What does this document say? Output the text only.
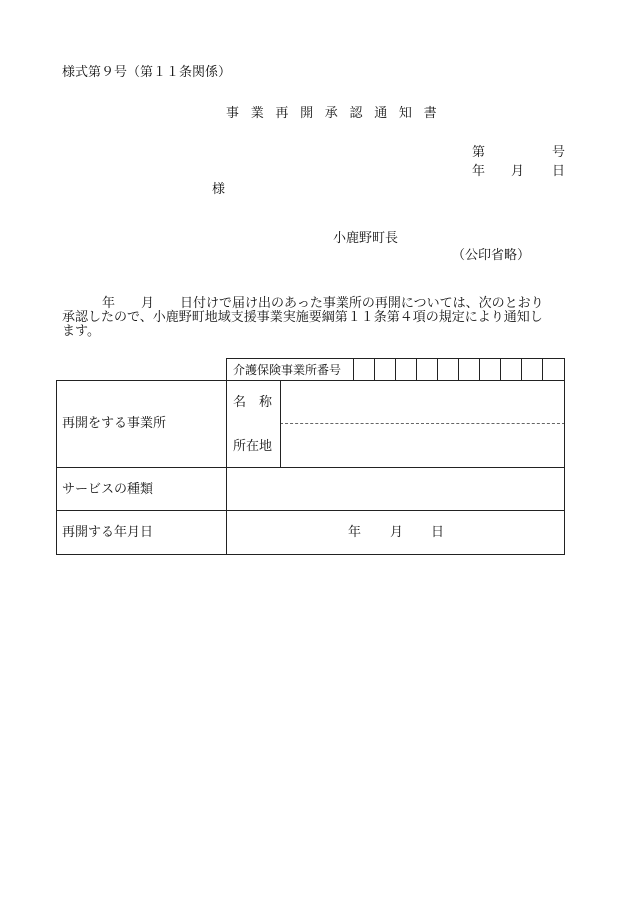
様式第９号（第１１条関係）
事業再開承認通知書
第	号
年 月 日
様
小鹿野町長
（公印省略）

年　　月　　日付けで届け出のあった事業所の再開については、次のとおり

承認したので、小鹿野町地域支援事業実施要綱第１１条第４項の規定により通知し

ます。

介護保険事業所番号
再開をする事業所
名　称
所在地
サービスの種類
再開する年月日	年 月 日
